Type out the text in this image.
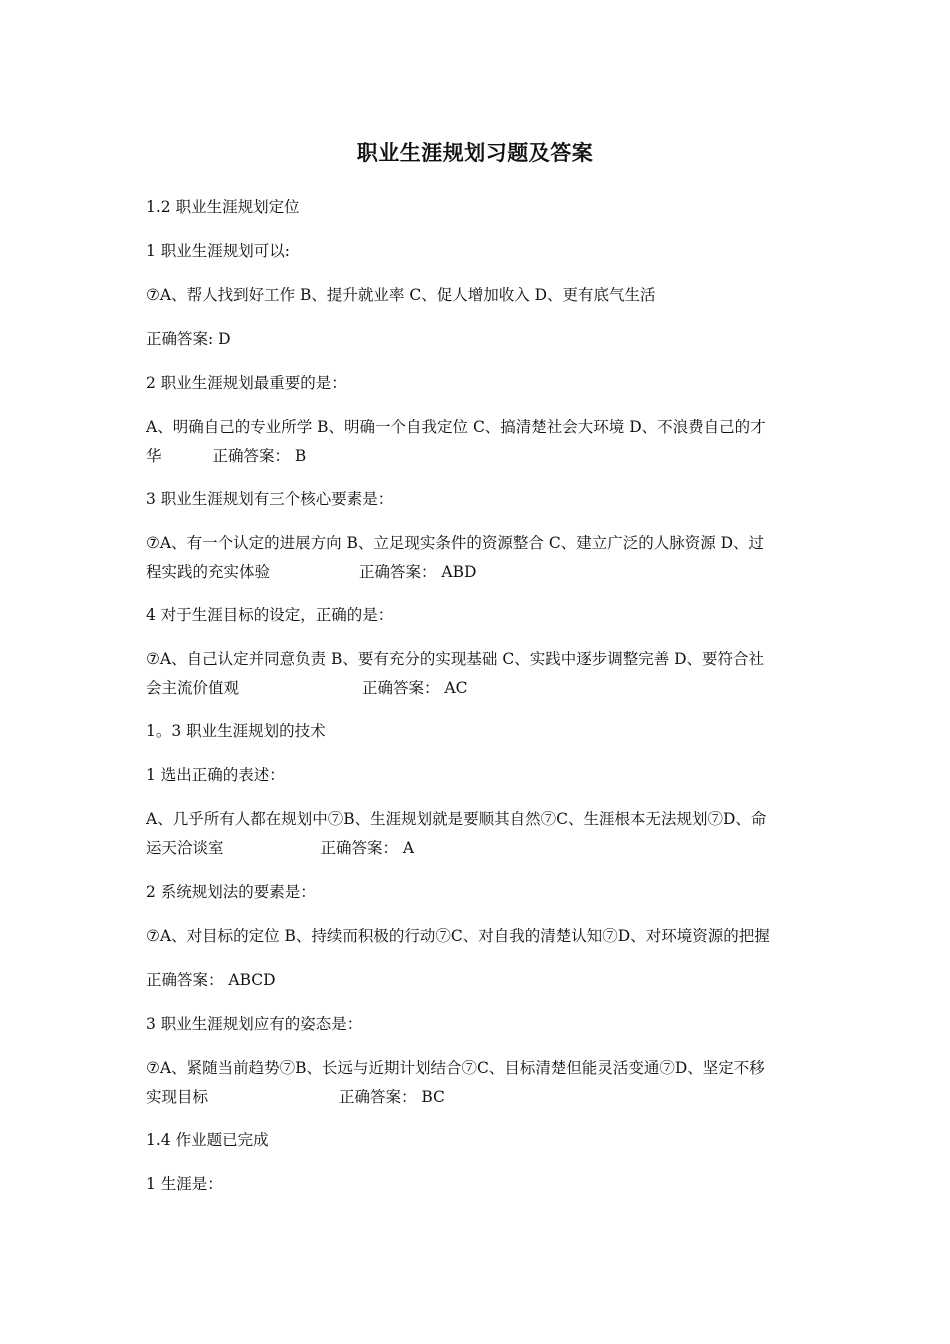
职业生涯规划习题及答案
1.2 职业生涯规划定位
1 职业生涯规划可以:
⑦A、帮人找到好工作 B、提升就业率 C、促人增加收入 D、更有底气生活
正确答案: D
2 职业生涯规划最重要的是：
A、明确自己的专业所学 B、明确一个自我定位 C、搞清楚社会大环境 D、不浪费自己的才
华	正确答案： B
3 职业生涯规划有三个核心要素是：
⑦A、有一个认定的进展方向 B、立足现实条件的资源整合 C、建立广泛的人脉资源 D、过
程实践的充实体验	正确答案： ABD
4 对于生涯目标的设定，正确的是：
⑦A、自己认定并同意负责 B、要有充分的实现基础 C、实践中逐步调整完善 D、要符合社
会主流价值观	正确答案： AC
1。3 职业生涯规划的技术
1 选出正确的表述：
A、几乎所有人都在规划中⑦B、生涯规划就是要顺其自然⑦C、生涯根本无法规划⑦D、命
运天洽谈室	正确答案： A
2 系统规划法的要素是：
⑦A、对目标的定位 B、持续而积极的行动⑦C、对自我的清楚认知⑦D、对环境资源的把握
正确答案： ABCD
3 职业生涯规划应有的姿态是：
⑦A、紧随当前趋势⑦B、长远与近期计划结合⑦C、目标清楚但能灵活变通⑦D、坚定不移
实现目标	正确答案： BC
1.4 作业题已完成
1 生涯是：
